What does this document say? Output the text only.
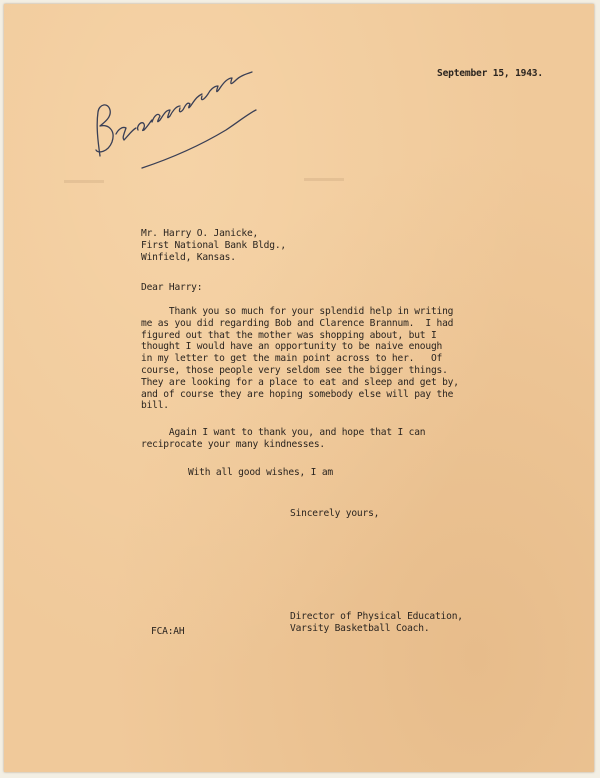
September 15, 1943.
Mr. Harry O. Janicke,
First National Bank Bldg.,
Winfield, Kansas.
Dear Harry:
Thank you so much for your splendid help in writing
me as you did regarding Bob and Clarence Brannum.  I had
figured out that the mother was shopping about, but I
thought I would have an opportunity to be naive enough
in my letter to get the main point across to her.   Of
course, those people very seldom see the bigger things.
They are looking for a place to eat and sleep and get by,
and of course they are hoping somebody else will pay the
bill.
Again I want to thank you, and hope that I can
reciprocate your many kindnesses.
With all good wishes, I am
Sincerely yours,
Director of Physical Education,
Varsity Basketball Coach.
FCA:AH
